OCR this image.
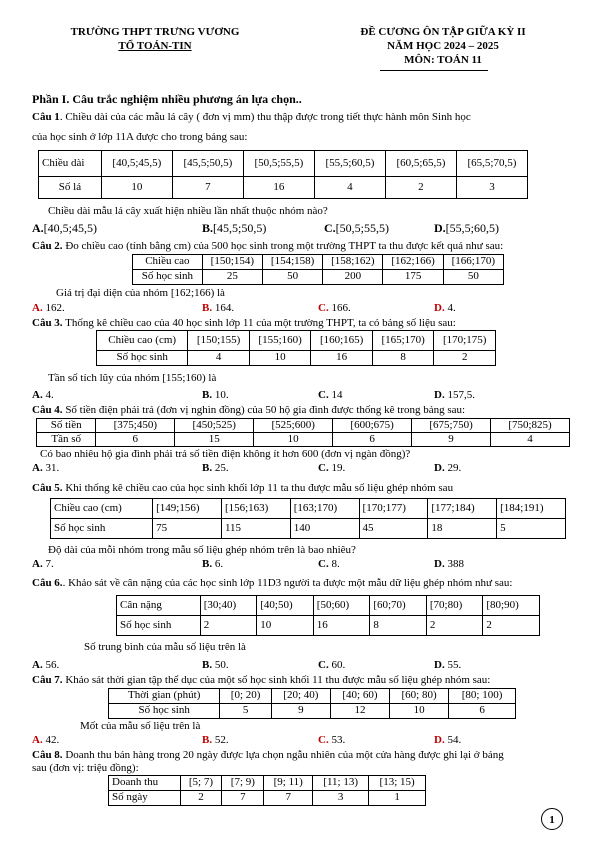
TRƯỜNG THPT TRƯNG VƯƠNG
TỔ TOÁN-TIN
ĐỀ CƯƠNG ÔN TẬP GIỮA KỲ II
NĂM HỌC 2024 – 2025
MÔN: TOÁN 11
Phần I. Câu trắc nghiệm nhiều phương án lựa chọn..
Câu 1. Chiều dài của các mẫu lá cây ( đơn vị mm) thu thập được trong tiết thực hành môn Sinh học
của học sinh ở lớp 11A được cho trong bảng sau:
Chiều dài	[40,5;45,5)	[45,5;50,5)	[50,5;55,5)	[55,5;60,5)	[60,5;65,5)	[65,5;70,5)
Số lá	10	7	16	4	2	3
Chiều dài mẫu lá cây xuất hiện nhiều lần nhất thuộc nhóm nào?
A.[40,5;45,5)	B.[45,5;50,5)	C.[50,5;55,5)	D.[55,5;60,5)
Câu 2. Đo chiều cao (tính bằng cm) của 500 học sinh trong một trường THPT ta thu được kết quả như sau:
Chiều cao	[150;154)	[154;158)	[158;162)	[162;166)	[166;170)
Số học sinh	25	50	200	175	50
Giá trị đại diện của nhóm [162;166) là
A. 162.	B. 164.	C. 166.	D. 4.
Câu 3. Thống kê chiều cao của 40 học sinh lớp 11 của một trường THPT, ta có bảng số liệu sau:
Chiều cao (cm)	[150;155)	[155;160)	[160;165)	[165;170)	[170;175)
Số học sinh	4	10	16	8	2
Tần số tích lũy của nhóm [155;160) là
A. 4.	B. 10.	C. 14	D. 157,5.
Câu 4. Số tiền điện phải trả (đơn vị nghìn đồng) của 50 hộ gia đình được thống kê trong bảng sau:
Số tiền	[375;450)	[450;525)	[525;600)	[600;675)	[675;750)	[750;825)
Tần số	6	15	10	6	9	4
Có bao nhiêu hộ gia đình phải trả số tiền điện không ít hơn 600 (đơn vị ngàn đồng)?
A. 31.	B. 25.	C. 19.	D. 29.
Câu 5. Khi thống kê chiều cao của học sinh khối lớp 11 ta thu được mẫu số liệu ghép nhóm sau
Chiều cao (cm)	[149;156)	[156;163)	[163;170)	[170;177)	[177;184)	[184;191)
Số học sinh	75	115	140	45	18	5
Độ dài của mỗi nhóm trong mẫu số liệu ghép nhóm trên là bao nhiêu?
A. 7.	B. 6.	C. 8.	D. 388
Câu 6.. Khảo sát về cân nặng của các học sinh lớp 11D3 người ta được một mẫu dữ liệu ghép nhóm như sau:
Cân nặng	[30;40)	[40;50)	[50;60)	[60;70)	[70;80)	[80;90)
Số học sinh	2	10	16	8	2	2
Số trung bình của mẫu số liệu trên là
A. 56.	B. 50.	C. 60.	D. 55.
Câu 7. Khảo sát thời gian tập thể dục của một số học sinh khối 11 thu được mẫu số liệu ghép nhóm sau:
Thời gian (phút)	[0; 20)	[20; 40)	[40; 60)	[60; 80)	[80; 100)
Số học sinh	5	9	12	10	6
Mốt của mẫu số liệu trên là
A. 42.	B. 52.	C. 53.	D. 54.
Câu 8. Doanh thu bán hàng trong 20 ngày được lựa chọn ngẫu nhiên của một cửa hàng được ghi lại ở bảng
sau (đơn vị: triệu đồng):
Doanh thu	[5; 7)	[7; 9)	[9; 11)	[11; 13)	[13; 15)
Số ngày	2	7	7	3	1
1
